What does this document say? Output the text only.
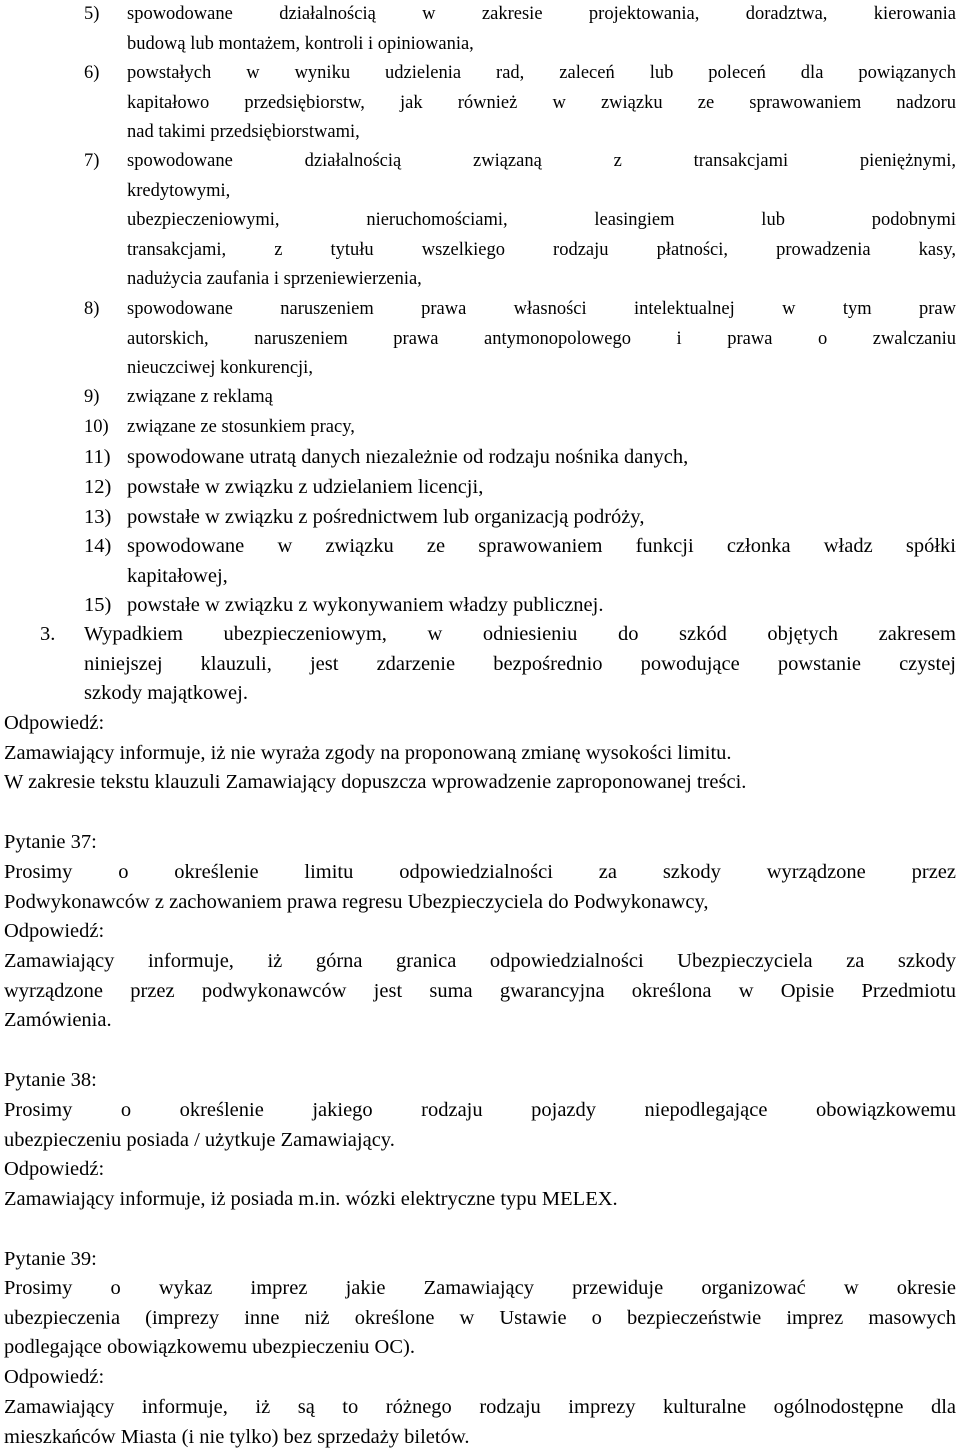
5)	spowodowane działalnością w zakresie projektowania, doradztwa, kierowania
budową lub montażem, kontroli i opiniowania,
6)	powstałych w wyniku udzielenia rad, zaleceń lub poleceń dla powiązanych
kapitałowo przedsiębiorstw, jak również w związku ze sprawowaniem nadzoru
nad takimi przedsiębiorstwami,
7)	spowodowane działalnością związaną z transakcjami pieniężnymi,
kredytowymi,
ubezpieczeniowymi, nieruchomościami, leasingiem lub podobnymi
transakcjami, z tytułu wszelkiego rodzaju płatności, prowadzenia kasy,
nadużycia zaufania i sprzeniewierzenia,
8)	spowodowane naruszeniem prawa własności intelektualnej w tym praw
autorskich, naruszeniem prawa antymonopolowego i prawa o zwalczaniu
nieuczciwej konkurencji,
9)	związane z reklamą
10) związane ze stosunkiem pracy,
11) spowodowane utratą danych niezależnie od rodzaju nośnika danych,
12) powstałe w związku z udzielaniem licencji,
13) powstałe w związku z pośrednictwem lub organizacją podróży,
14) spowodowane w związku ze sprawowaniem funkcji członka władz spółki
kapitałowej,
15) powstałe w związku z wykonywaniem władzy publicznej.
3.	Wypadkiem ubezpieczeniowym, w odniesieniu do szkód objętych zakresem
niniejszej klauzuli, jest zdarzenie bezpośrednio powodujące powstanie czystej
szkody majątkowej.
Odpowiedź:
Zamawiający informuje, iż nie wyraża zgody na proponowaną zmianę wysokości limitu.
W zakresie tekstu klauzuli Zamawiający dopuszcza wprowadzenie zaproponowanej treści.
Pytanie 37:
Prosimy o określenie limitu odpowiedzialności za szkody wyrządzone przez
Podwykonawców z zachowaniem prawa regresu Ubezpieczyciela do Podwykonawcy,
Odpowiedź:
Zamawiający informuje, iż górna granica odpowiedzialności Ubezpieczyciela za szkody
wyrządzone przez podwykonawców jest suma gwarancyjna określona w Opisie Przedmiotu
Zamówienia.
Pytanie 38:
Prosimy o określenie jakiego rodzaju pojazdy niepodlegające obowiązkowemu
ubezpieczeniu posiada / użytkuje Zamawiający.
Odpowiedź:
Zamawiający informuje, iż posiada m.in. wózki elektryczne typu MELEX.
Pytanie 39:
Prosimy o wykaz imprez jakie Zamawiający przewiduje organizować w okresie
ubezpieczenia (imprezy inne niż określone w Ustawie o bezpieczeństwie imprez masowych
podlegające obowiązkowemu ubezpieczeniu OC).
Odpowiedź:
Zamawiający informuje, iż są to różnego rodzaju imprezy kulturalne ogólnodostępne dla
mieszkańców Miasta (i nie tylko) bez sprzedaży biletów.
